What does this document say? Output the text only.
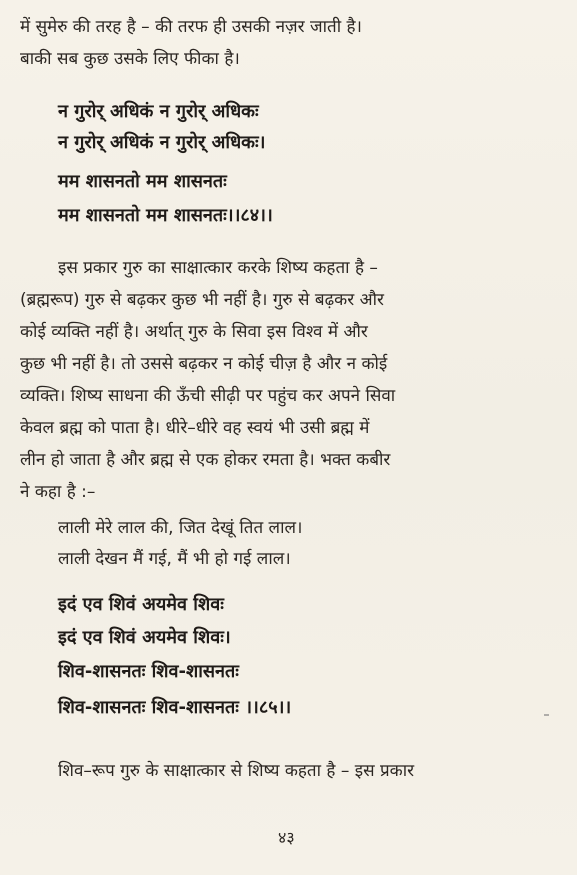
में सुमेरु की तरह है – की तरफ ही उसकी नज़र जाती है।
बाकी सब कुछ उसके लिए फीका है।
न गुरोर् अधिकं न गुरोर् अधिकः
न गुरोर् अधिकं न गुरोर् अधिकः।
मम शासनतो मम शासनतः
मम शासनतो मम शासनतः।।८४।।
इस प्रकार गुरु का साक्षात्कार करके शिष्य कहता है –
(ब्रह्मरूप) गुरु से बढ़कर कुछ भी नहीं है। गुरु से बढ़कर और
कोई व्यक्ति नहीं है। अर्थात् गुरु के सिवा इस विश्व में और
कुछ भी नहीं है। तो उससे बढ़कर न कोई चीज़ है और न कोई
व्यक्ति। शिष्य साधना की ऊँची सीढ़ी पर पहुंच कर अपने सिवा
केवल ब्रह्म को पाता है। धीरे–धीरे वह स्वयं भी उसी ब्रह्म में
लीन हो जाता है और ब्रह्म से एक होकर रमता है। भक्त कबीर
ने कहा है :–
लाली मेरे लाल की, जित देखूं तित लाल।
लाली देखन मैं गई, मैं भी हो गई लाल।
इदं एव शिवं अयमेव शिवः
इदं एव शिवं अयमेव शिवः।
शिव-शासनतः शिव-शासनतः
शिव-शासनतः शिव-शासनतः ।।८५।।
शिव–रूप गुरु के साक्षात्कार से शिष्य कहता है – इस प्रकार
४३
